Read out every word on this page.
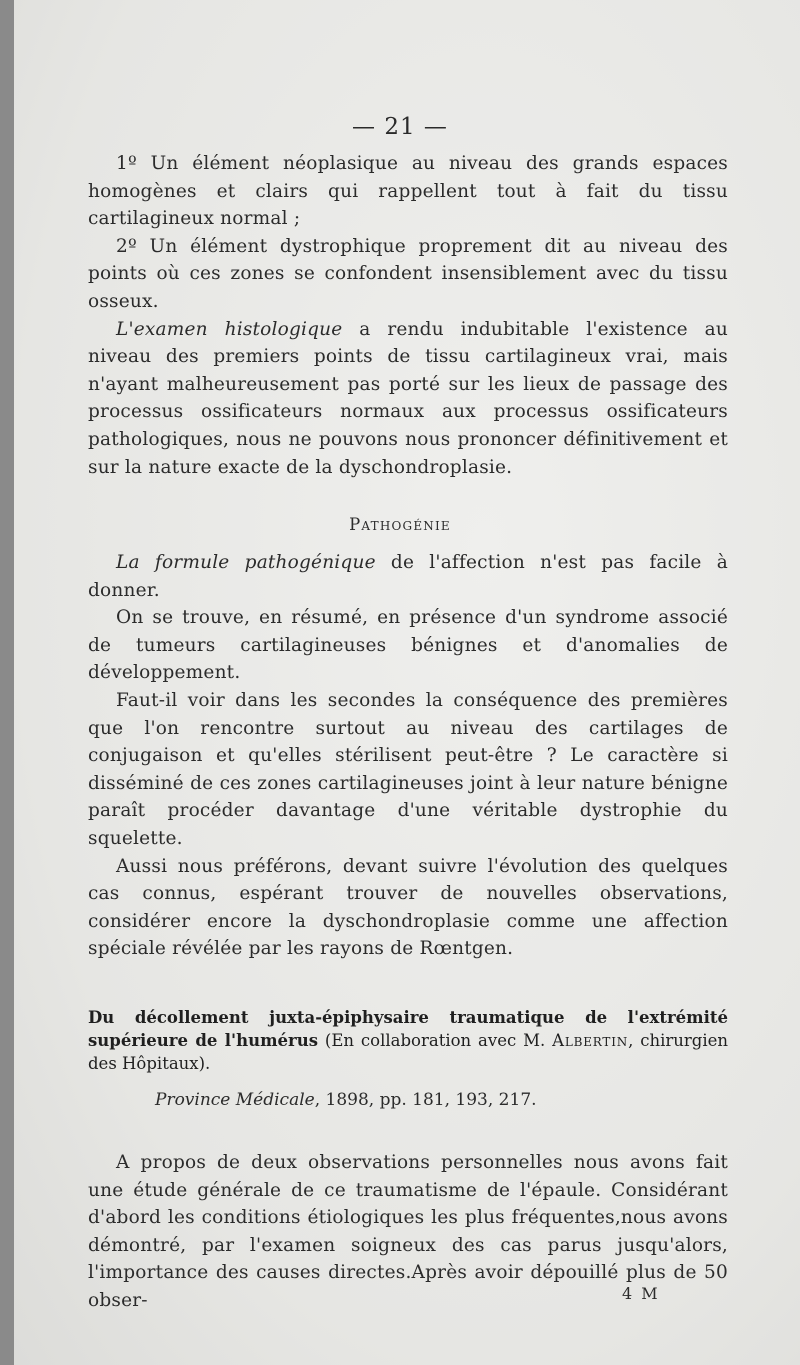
— 21 —

1º Un élément néoplasique au niveau des grands espaces homogènes et clairs qui rappellent tout à fait du tissu cartilagineux normal ;

2º Un élément dystrophique proprement dit au niveau des points où ces zones se confondent insensiblement avec du tissu osseux.

L'examen histologique a rendu indubitable l'existence au niveau des premiers points de tissu cartilagineux vrai, mais n'ayant malheureusement pas porté sur les lieux de passage des processus ossificateurs normaux aux processus ossificateurs pathologiques, nous ne pouvons nous prononcer définitivement et sur la nature exacte de la dyschondroplasie.

Pathogénie

La formule pathogénique de l'affection n'est pas facile à donner.

On se trouve, en résumé, en présence d'un syndrome associé de tumeurs cartilagineuses bénignes et d'anomalies de développement.

Faut-il voir dans les secondes la conséquence des premières que l'on rencontre surtout au niveau des cartilages de conjugaison et qu'elles stérilisent peut-être ? Le caractère si disséminé de ces zones cartilagineuses joint à leur nature bénigne paraît procéder davantage d'une véritable dystrophie du squelette.

Aussi nous préférons, devant suivre l'évolution des quelques cas connus, espérant trouver de nouvelles observations, considérer encore la dyschondroplasie comme une affection spéciale révélée par les rayons de Rœntgen.

Du décollement juxta-épiphysaire traumatique de l'extrémité supérieure de l'humérus (En collaboration avec M. Albertin, chirurgien des Hôpitaux).
Province Médicale, 1898, pp. 181, 193, 217.

A propos de deux observations personnelles nous avons fait une étude générale de ce traumatisme de l'épaule. Considérant d'abord les conditions étiologiques les plus fréquentes,nous avons démontré, par l'examen soigneux des cas parus jusqu'alors, l'importance des causes directes.Après avoir dépouillé plus de 50 obser-	4 M
